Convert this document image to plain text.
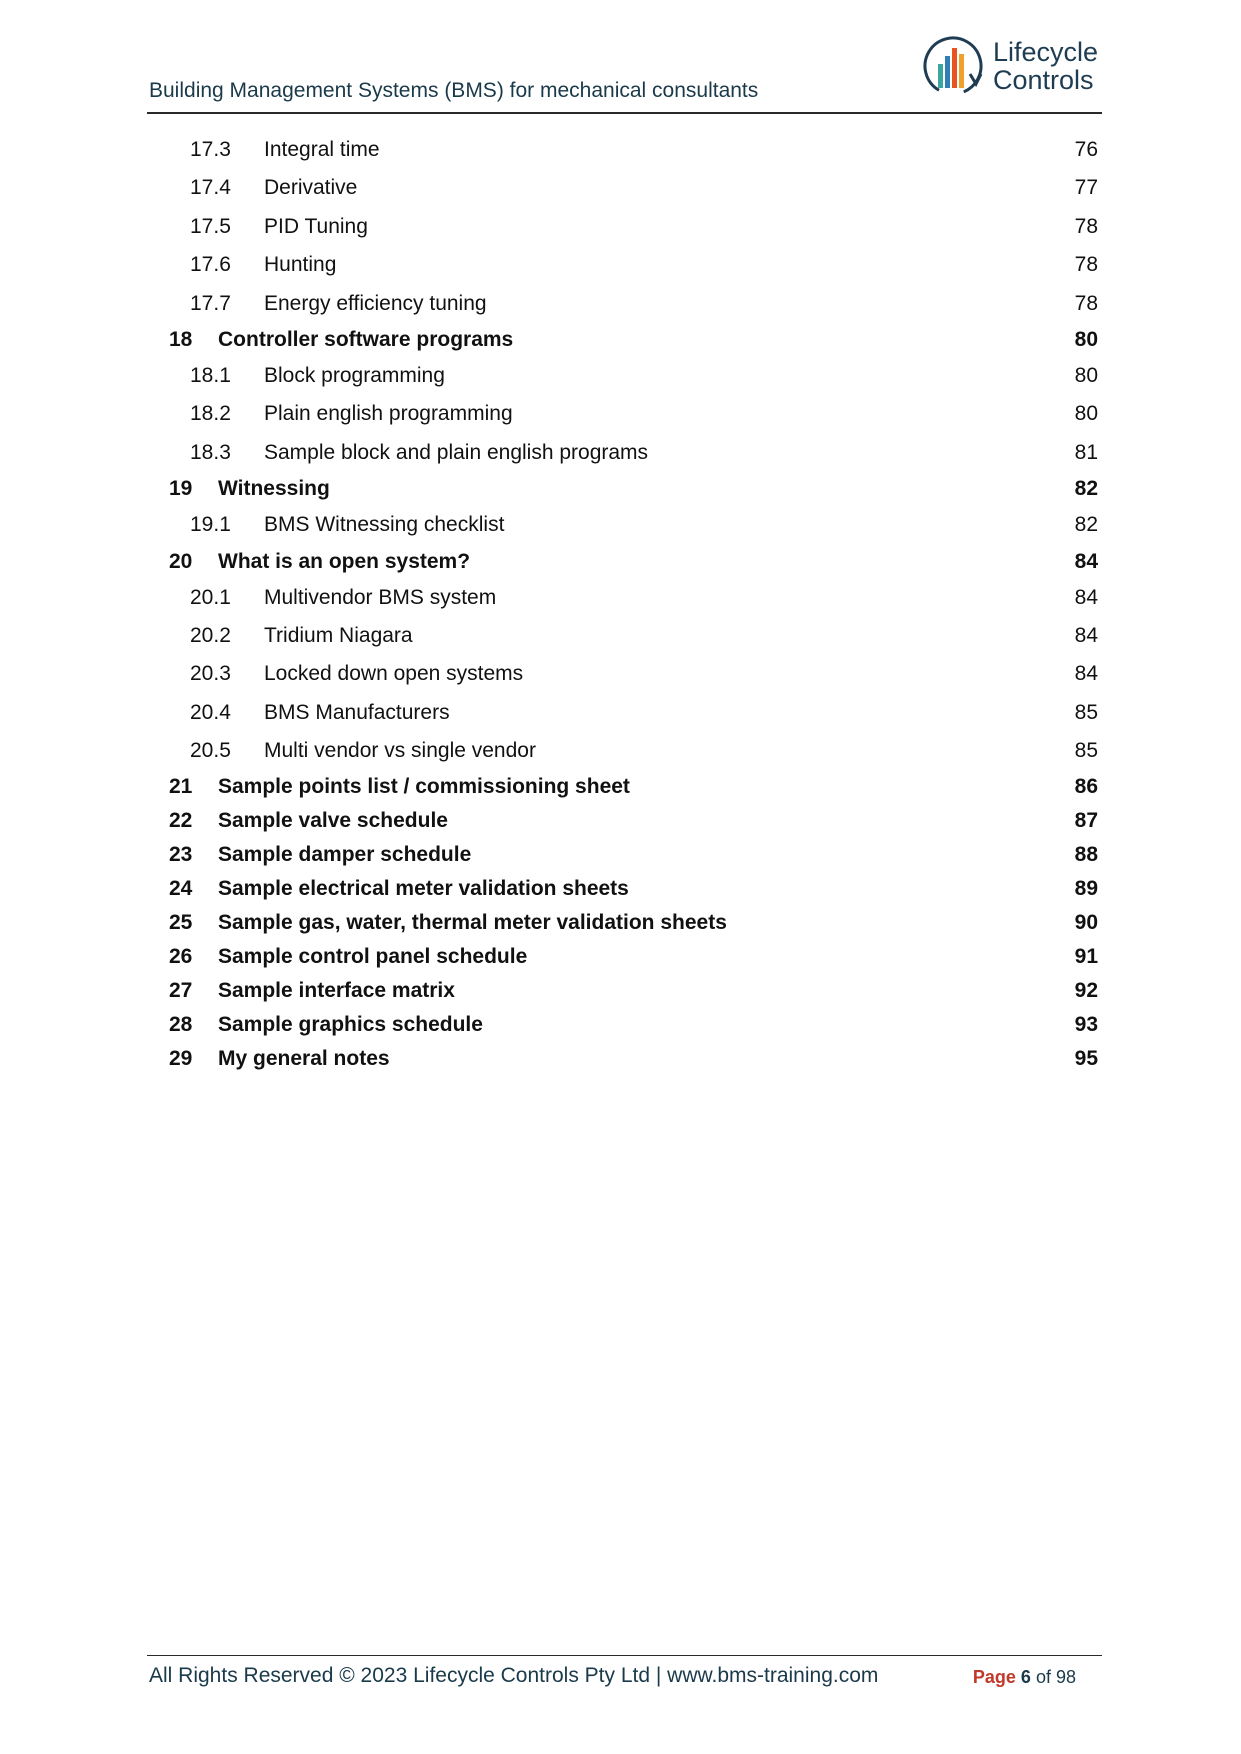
Building Management Systems (BMS) for mechanical consultants
Lifecycle
Controls
17.3 Integral time	76
17.4 Derivative	77
17.5 PID Tuning	78
17.6 Hunting	78
17.7 Energy efficiency tuning	78
18 Controller software programs	80
18.1 Block programming	80
18.2 Plain english programming	80
18.3 Sample block and plain english programs	81
19 Witnessing	82
19.1 BMS Witnessing checklist	82
20 What is an open system?	84
20.1 Multivendor BMS system	84
20.2 Tridium Niagara	84
20.3 Locked down open systems	84
20.4 BMS Manufacturers	85
20.5 Multi vendor vs single vendor	85
21 Sample points list / commissioning sheet	86
22 Sample valve schedule	87
23 Sample damper schedule	88
24 Sample electrical meter validation sheets	89
25 Sample gas, water, thermal meter validation sheets	90
26 Sample control panel schedule	91
27 Sample interface matrix	92
28 Sample graphics schedule	93
29 My general notes	95
All Rights Reserved © 2023 Lifecycle Controls Pty Ltd | www.bms-training.com	Page 6 of 98
